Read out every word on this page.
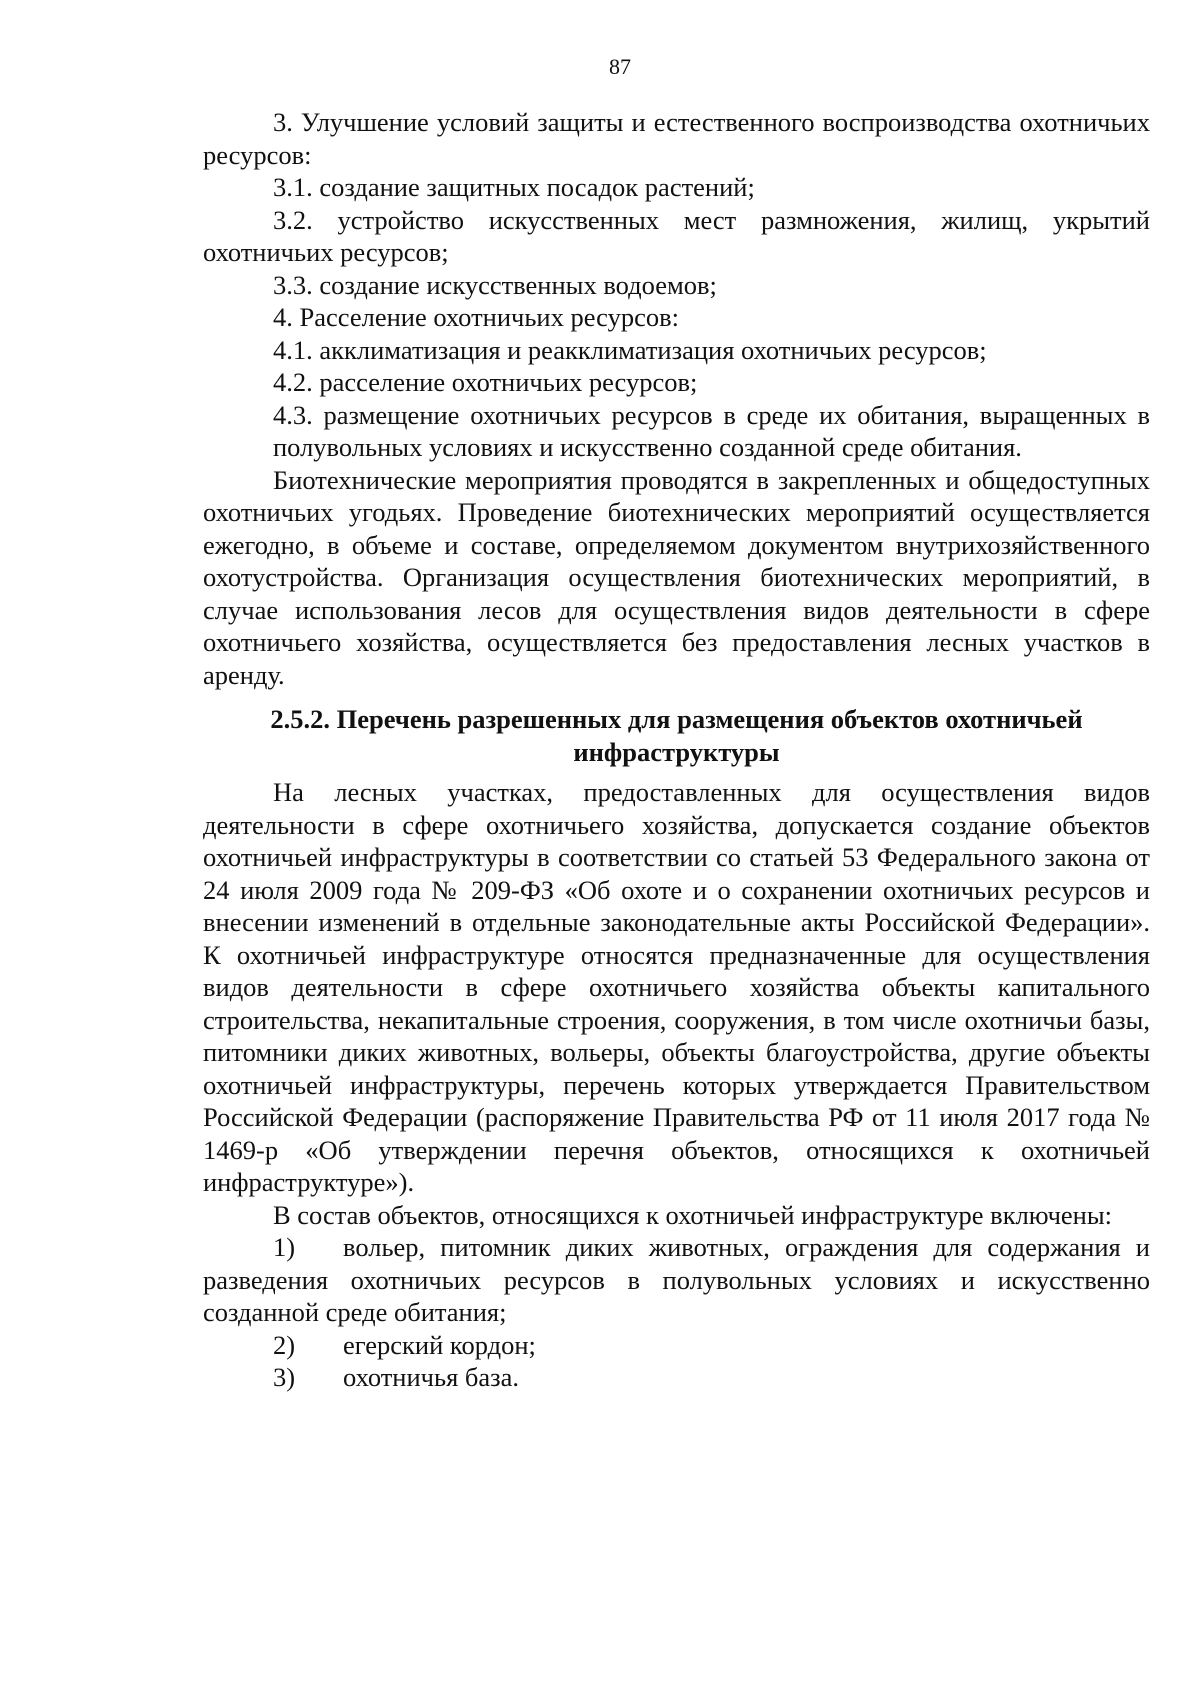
87

3. Улучшение условий защиты и естественного воспроизводства охотничьих ресурсов:

3.1. создание защитных посадок растений;

3.2. устройство искусственных мест размножения, жилищ, укрытий охотничьих ресурсов;

3.3. создание искусственных водоемов;

4. Расселение охотничьих ресурсов:

4.1. акклиматизация и реакклиматизация охотничьих ресурсов;

4.2. расселение охотничьих ресурсов;

4.3. размещение охотничьих ресурсов в среде их обитания, выращенных в полувольных условиях и искусственно созданной среде обитания.

Биотехнические мероприятия проводятся в закрепленных и общедоступных охотничьих угодьях. Проведение биотехнических мероприятий осуществляется ежегодно, в объеме и составе, определяемом документом внутрихозяйственного охотустройства. Организация осуществления биотехнических мероприятий, в случае использования лесов для осуществления видов деятельности в сфере охотничьего хозяйства, осуществляется без предоставления лесных участков в аренду.

2.5.2. Перечень разрешенных для размещения объектов охотничьей инфраструктуры

На лесных участках, предоставленных для осуществления видов деятельности в сфере охотничьего хозяйства, допускается создание объектов охотничьей инфраструктуры в соответствии со статьей 53 Федерального закона от 24 июля 2009 года № 209-ФЗ «Об охоте и о сохранении охотничьих ресурсов и внесении изменений в отдельные законодательные акты Российской Федерации». К охотничьей инфраструктуре относятся предназначенные для осуществления видов деятельности в сфере охотничьего хозяйства объекты капитального строительства, некапитальные строения, сооружения, в том числе охотничьи базы, питомники диких животных, вольеры, объекты благоустройства, другие объекты охотничьей инфраструктуры, перечень которых утверждается Правительством Российской Федерации (распоряжение Правительства РФ от 11 июля 2017 года № 1469-р «Об утверждении перечня объектов, относящихся к охотничьей инфраструктуре»).

В состав объектов, относящихся к охотничьей инфраструктуре включены:

1) вольер, питомник диких животных, ограждения для содержания и разведения охотничьих ресурсов в полувольных условиях и искусственно созданной среде обитания;

2) егерский кордон;

3) охотничья база.
